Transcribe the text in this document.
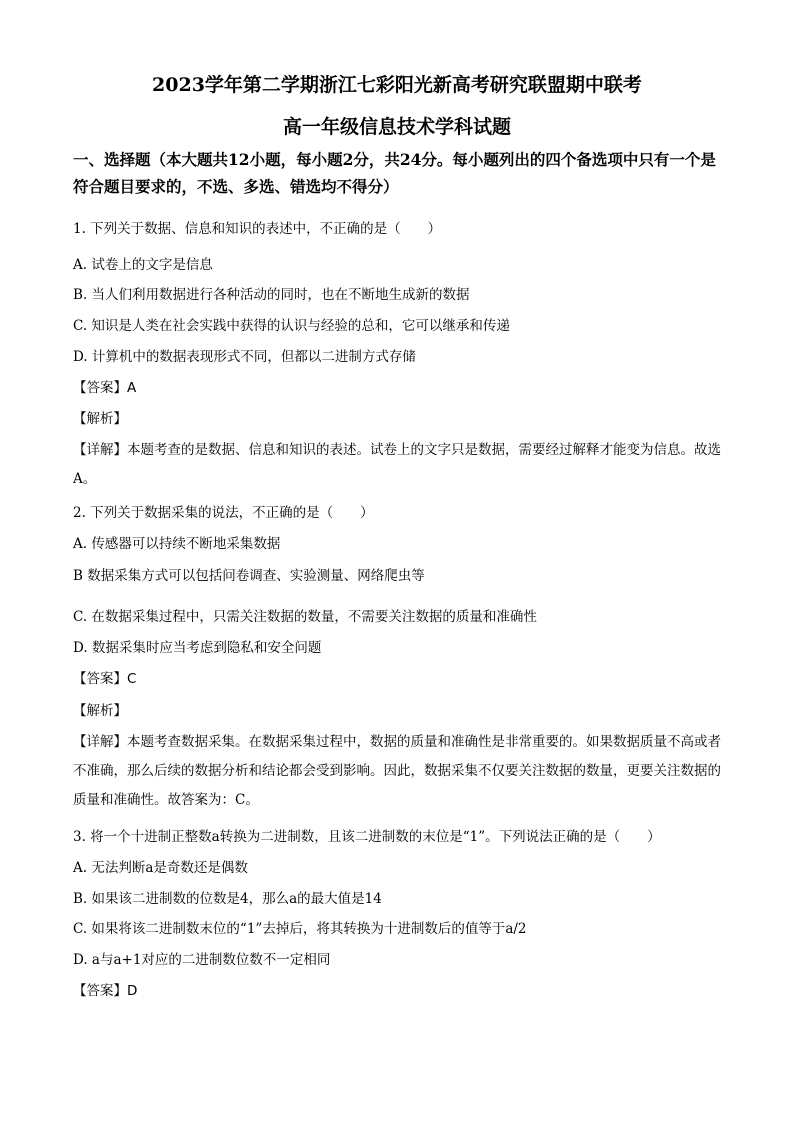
2023学年第二学期浙江七彩阳光新高考研究联盟期中联考
高一年级信息技术学科试题
一、选择题（本大题共12小题，每小题2分，共24分。每小题列出的四个备选项中只有一个是符合题目要求的，不选、多选、错选均不得分）
1. 下列关于数据、信息和知识的表述中，不正确的是（　　）
A. 试卷上的文字是信息
B. 当人们利用数据进行各种活动的同时，也在不断地生成新的数据
C. 知识是人类在社会实践中获得的认识与经验的总和，它可以继承和传递
D. 计算机中的数据表现形式不同，但都以二进制方式存储
【答案】A
【解析】
【详解】本题考查的是数据、信息和知识的表述。试卷上的文字只是数据，需要经过解释才能变为信息。故选A。
2. 下列关于数据采集的说法，不正确的是（　　）
A. 传感器可以持续不断地采集数据
B 数据采集方式可以包括问卷调查、实验测量、网络爬虫等
C. 在数据采集过程中，只需关注数据的数量，不需要关注数据的质量和准确性
D. 数据采集时应当考虑到隐私和安全问题
【答案】C
【解析】
【详解】本题考查数据采集。在数据采集过程中，数据的质量和准确性是非常重要的。如果数据质量不高或者不准确，那么后续的数据分析和结论都会受到影响。因此，数据采集不仅要关注数据的数量，更要关注数据的质量和准确性。故答案为：C。
3. 将一个十进制正整数a转换为二进制数，且该二进制数的末位是“1”。下列说法正确的是（　　）
A. 无法判断a是奇数还是偶数
B. 如果该二进制数的位数是4，那么a的最大值是14
C. 如果将该二进制数末位的“1”去掉后，将其转换为十进制数后的值等于a/2
D. a与a+1对应的二进制数位数不一定相同
【答案】D
